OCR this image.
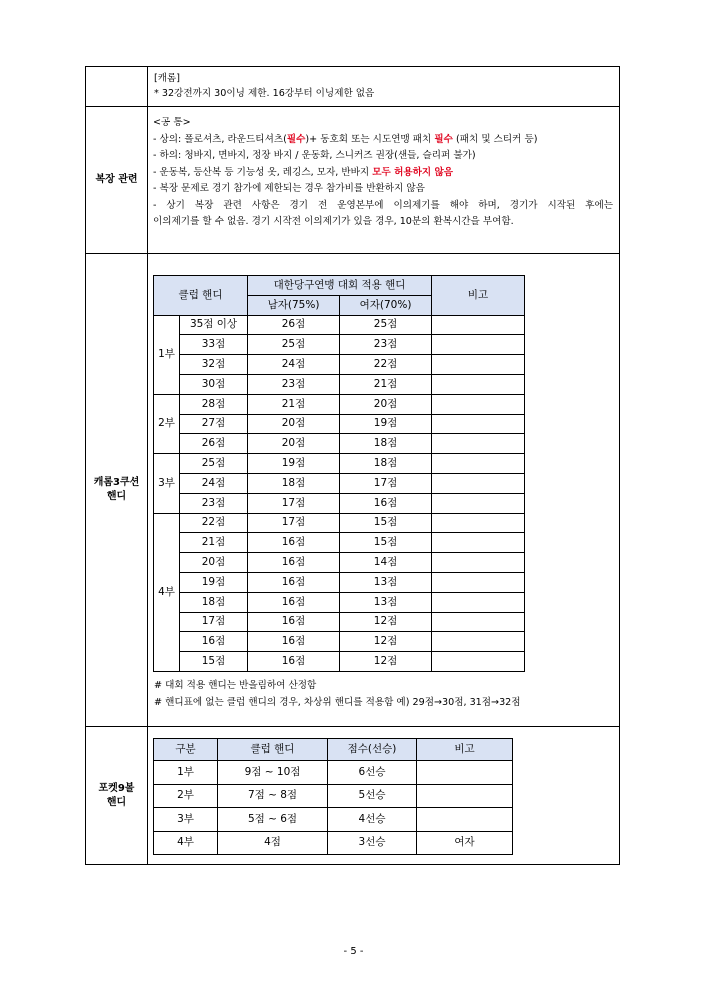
[캐롬]
* 32강전까지 30이닝 제한. 16강부터 이닝제한 없음

복장 관련	
<공 통>
- 상의: 폴로셔츠, 라운드티셔츠(필수)+ 동호회 또는 시도연맹 패치 필수 (패치 및 스티커 등)
- 하의: 청바지, 면바지, 정장 바지 / 운동화, 스니커즈 권장(샌들, 슬리퍼 불가)
- 운동복, 등산복 등 기능성 옷, 레깅스, 모자, 반바지 모두 허용하지 않음
- 복장 문제로 경기 참가에 제한되는 경우 참가비를 반환하지 않음
- 상기 복장 관련 사항은 경기 전 운영본부에 이의제기를 해야 하며, 경기가 시작된 후에는
이의제기를 할 수 없음. 경기 시작전 이의제기가 있을 경우, 10분의 환복시간을 부여함.

캐롬3쿠션
핸디

클럽 핸디	대한당구연맹 대회 적용 핸디	비고
남자(75%)	여자(70%)
1부	35점 이상	26점	25점	
33점	25점	23점	
32점	24점	22점	
30점	23점	21점	
2부	28점	21점	20점	
27점	20점	19점	
26점	20점	18점	
3부	25점	19점	18점	
24점	18점	17점	
23점	17점	16점	
4부	22점	17점	15점	
21점	16점	15점	
20점	16점	14점	
19점	16점	13점	
18점	16점	13점	
17점	16점	12점	
16점	16점	12점	
15점	16점	12점	
# 대회 적용 핸디는 반올림하여 산정함
# 핸디표에 없는 클럽 핸디의 경우, 차상위 핸디를 적용함 예) 29점→30점, 31점→32점

포켓9볼
핸디

구분	클럽 핸디	점수(선승)	비고
1부	9점 ~ 10점	6선승	
2부	7점 ~ 8점	5선승	
3부	5점 ~ 6점	4선승	
4부	4점	3선승	여자
- 5 -
